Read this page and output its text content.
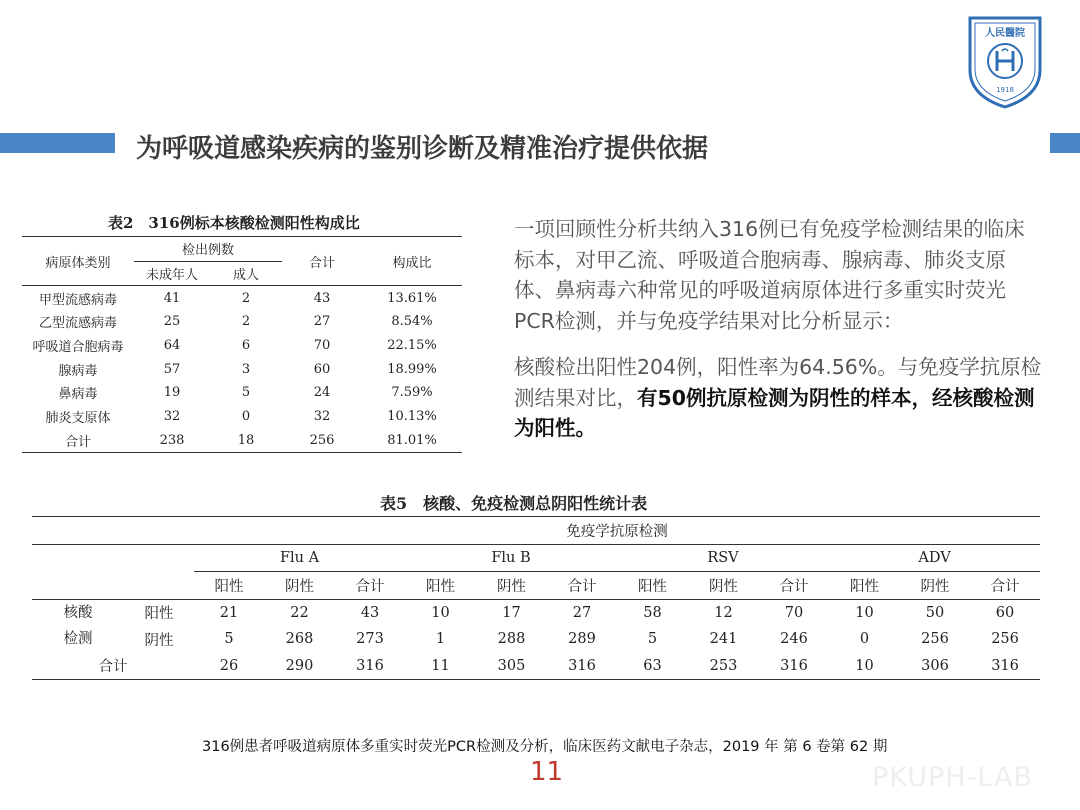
为呼吸道感染疾病的鉴别诊断及精准治疗提供依据
人民醫院
1918
表2　316例标本核酸检测阳性构成比
病原体类别	检出例数		合计	构成比
	未成年人	成人		
甲型流感病毒	41	2	43	13.61%
乙型流感病毒	25	2	27	8.54%
呼吸道合胞病毒	64	6	70	22.15%
腺病毒	57	3	60	18.99%
鼻病毒	19	5	24	7.59%
肺炎支原体	32	0	32	10.13%
合计	238	18	256	81.01%

一项回顾性分析共纳入316例已有免疫学检测结果的临床标本，对甲乙流、呼吸道合胞病毒、腺病毒、肺炎支原体、鼻病毒六种常见的呼吸道病原体进行多重实时荧光PCR检测，并与免疫学结果对比分析显示：

核酸检出阳性204例，阳性率为64.56%。与免疫学抗原检测结果对比，有50例抗原检测为阴性的样本，经核酸检测为阳性。

表5　核酸、免疫检测总阴阳性统计表
		免疫学抗原检测											
		Flu A			Flu B			RSV			ADV		
		阳性	阴性	合计	阳性	阴性	合计	阳性	阴性	合计	阳性	阴性	合计

核酸
检测	阳性	21	22	43	10	17	27	58	12	70	10	50	60
	阴性	5	268	273	1	288	289	5	241	246	0	256	256
合计		26	290	316	11	305	316	63	253	316	10	306	316
316例患者呼吸道病原体多重实时荧光PCR检测及分析，临床医药文献电子杂志，2019 年 第 6 卷第 62 期
11	PKUPH-LAB
